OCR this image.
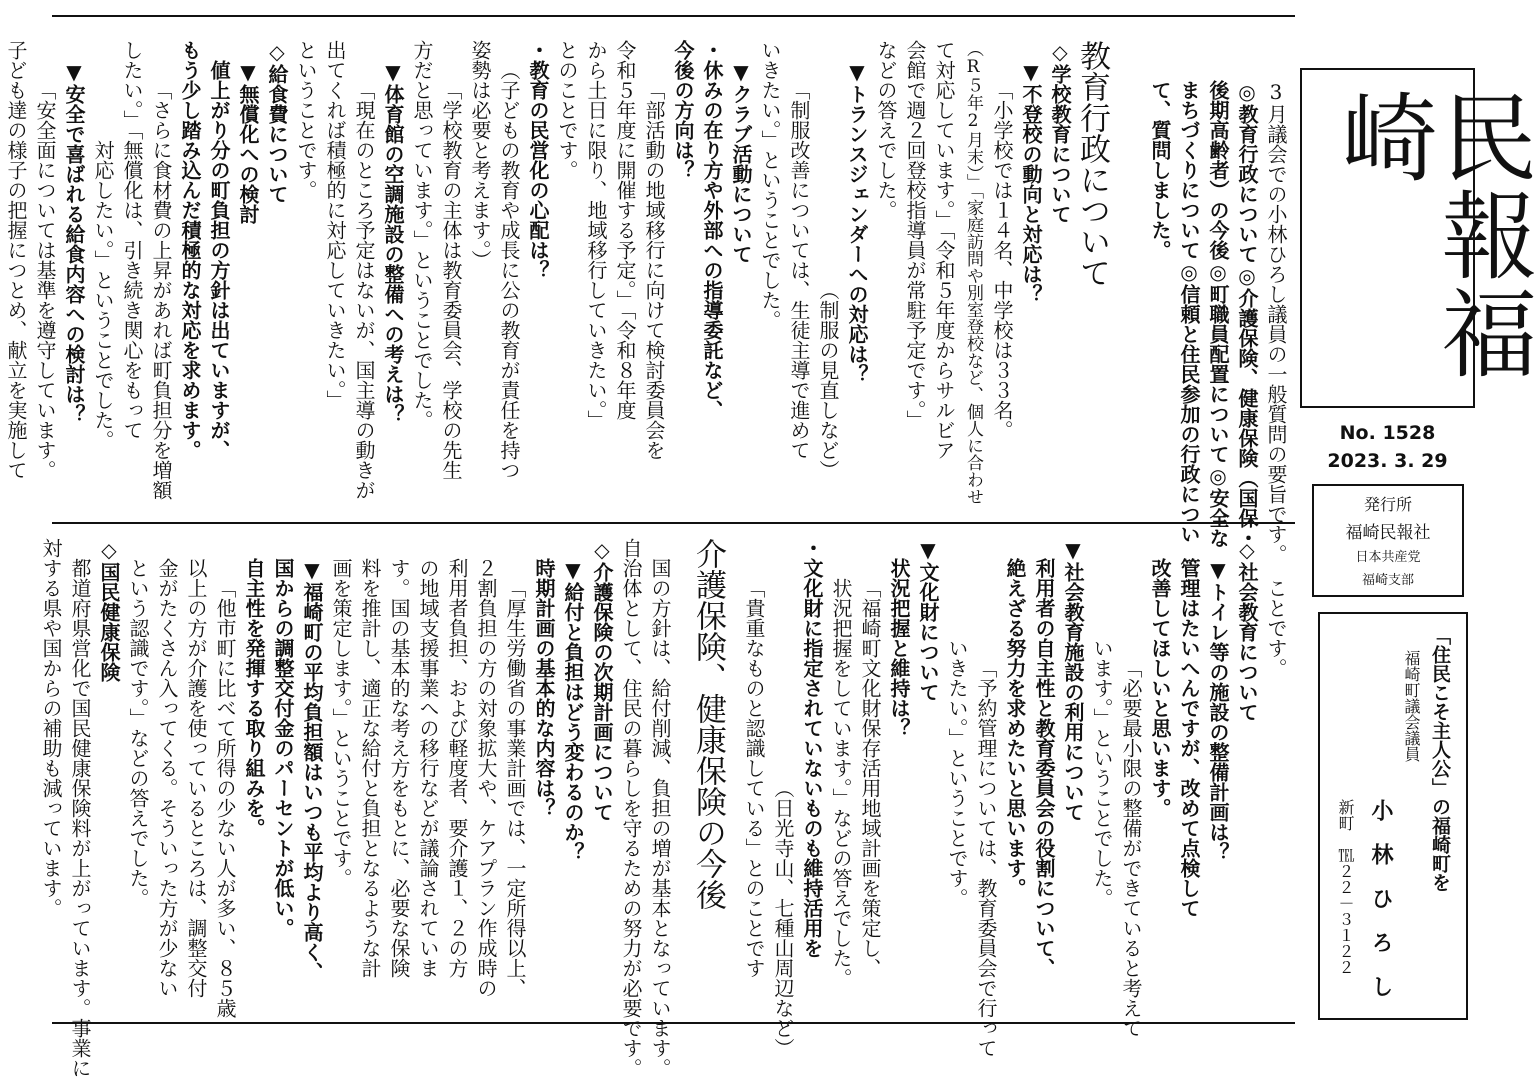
民報福崎
No. 1528
2023. 3. 29
発行所
福崎民報社
日本共産党
福崎支部
「住民こそ主人公」の福崎町を
福崎町議会議員
小　林　ひ　ろ　し
新町　℡２２－３１２２
3月議会での小林ひろし議員の一般質問の要旨です。
◎教育行政について◎介護保険、健康保険（国保・
後期高齢者）の今後◎町職員配置について◎安全な
まちづくりについて◎信頼と住民参加の行政につい
て、質問しました。
教育行政について
◇学校教育について
▼不登校の動向と対応は？
「小学校では１４名、中学校は３３名。
（R５年2月末）」「家庭訪問や別室登校など、個人に合わせ
て対応しています。」「令和５年度からサルビア
会館で週２回登校指導員が常駐予定です。」
などの答えでした。
▼トランスジェンダーへの対応は？
（制服の見直しなど）
「制服改善については、生徒主導で進めて
いきたい。」ということでした。
▼クラブ活動について
・休みの在り方や外部への指導委託など、
今後の方向は？
「部活動の地域移行に向けて検討委員会を
令和５年度に開催する予定。」「令和８年度
から土日に限り、地域移行していきたい。」
とのことです。
・教育の民営化の心配は？
（子どもの教育や成長に公の教育が責任を持つ
姿勢は必要と考えます。）
「学校教育の主体は教育委員会、学校の先生
方だと思っています。」ということでした。
▼体育館の空調施設の整備への考えは？
「現在のところ予定はないが、国主導の動きが
出てくれば積極的に対応していきたい。」
ということです。
◇給食費について
▼無償化への検討
値上がり分の町負担の方針は出ていますが、
もう少し踏み込んだ積極的な対応を求めます。
「さらに食材費の上昇があれば町負担分を増額
したい。」「無償化は、引き続き関心をもって
対応したい。」ということでした。
▼安全で喜ばれる給食内容への検討は？
「安全面については基準を遵守しています。
子ども達の様子の把握につとめ、献立を実施して
ことです。
◇社会教育について
▼トイレ等の施設の整備計画は？
管理はたいへんですが、改めて点検して
改善してほしいと思います。
「必要最小限の整備ができていると考えて
います。」ということでした。
▼社会教育施設の利用について
利用者の自主性と教育委員会の役割について、
絶えざる努力を求めたいと思います。
「予約管理については、教育委員会で行って
いきたい。」ということです。
▼文化財について
状況把握と維持は？
「福崎町文化財保存活用地域計画を策定し、
状況把握をしています。」などの答えでした。
・文化財に指定されていないものも維持活用を
（日光寺山、七種山周辺など）
「貴重なものと認識している」とのことです
介護保険、健康保険の今後
国の方針は、給付削減、負担の増が基本となっています。
自治体として、住民の暮らしを守るための努力が必要です。
◇介護保険の次期計画について
▼給付と負担はどう変わるのか？
時期計画の基本的な内容は？
「厚生労働省の事業計画では、一定所得以上、
２割負担の方の対象拡大や、ケアプラン作成時の
利用者負担、および軽度者、要介護１、２の方
の地域支援事業への移行などが議論されていま
す。国の基本的な考え方をもとに、必要な保険
料を推計し、適正な給付と負担となるような計
画を策定します。」ということです。
▼福崎町の平均負担額はいつも平均より高く、
国からの調整交付金のパーセントが低い。
自主性を発揮する取り組みを。
「他市町に比べて所得の少ない人が多い、８５歳
以上の方が介護を使っているところは、調整交付
金がたくさん入ってくる。そういった方が少ない
という認識です。」などの答えでした。
◇国民健康保険
都道府県営化で国民健康保険料が上がっています。事業に
対する県や国からの補助も減っています。
